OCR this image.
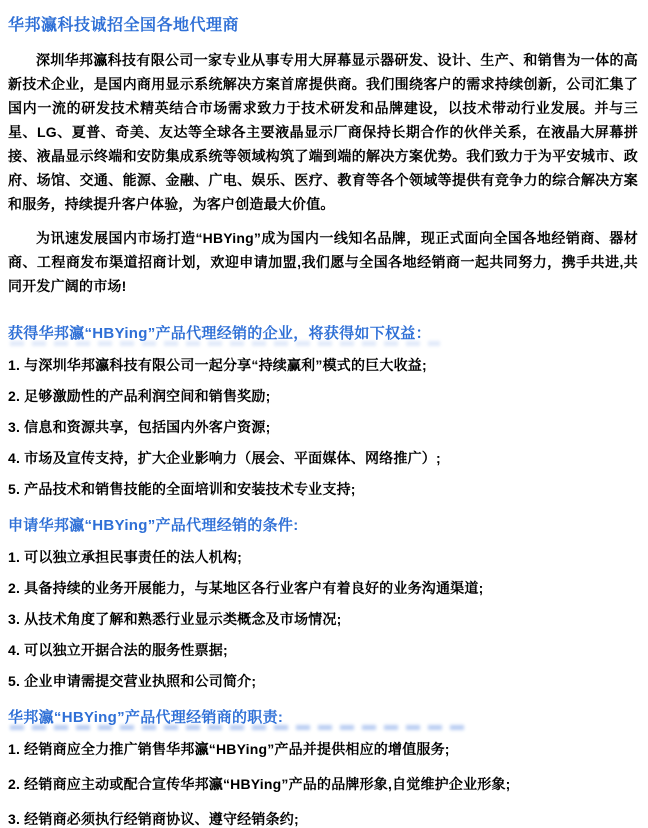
华邦瀛科技诚招全国各地代理商

深圳华邦瀛科技有限公司一家专业从事专用大屏幕显示器研发、设计、生产、和销售为一体的高新技术企业，是国内商用显示系统解决方案首席提供商。我们围绕客户的需求持续创新，公司汇集了国内一流的研发技术精英结合市场需求致力于技术研发和品牌建设，以技术带动行业发展。并与三星、LG、夏普、奇美、友达等全球各主要液晶显示厂商保持长期合作的伙伴关系，在液晶大屏幕拼接、液晶显示终端和安防集成系统等领域构筑了端到端的解决方案优势。我们致力于为平安城市、政府、场馆、交通、能源、金融、广电、娱乐、医疗、教育等各个领域等提供有竞争力的综合解决方案和服务，持续提升客户体验，为客户创造最大价值。

为讯速发展国内市场打造“HBYing”成为国内一线知名品牌，现正式面向全国各地经销商、器材商、工程商发布渠道招商计划，欢迎申请加盟,我们愿与全国各地经销商一起共同努力，携手共进,共同开发广阔的市场!

获得华邦瀛“HBYing”产品代理经销的企业，将获得如下权益：
1. 与深圳华邦瀛科技有限公司一起分享“持续赢利”模式的巨大收益;
2. 足够激励性的产品利润空间和销售奖励;
3. 信息和资源共享，包括国内外客户资源;
4. 市场及宣传支持，扩大企业影响力（展会、平面媒体、网络推广）;
5. 产品技术和销售技能的全面培训和安装技术专业支持;
申请华邦瀛“HBYing”产品代理经销的条件:
1. 可以独立承担民事责任的法人机构;
2. 具备持续的业务开展能力，与某地区各行业客户有着良好的业务沟通渠道;
3. 从技术角度了解和熟悉行业显示类概念及市场情况;
4. 可以独立开据合法的服务性票据;
5. 企业申请需提交营业执照和公司简介;
华邦瀛“HBYing”产品代理经销商的职责:
1. 经销商应全力推广销售华邦瀛“HBYing”产品并提供相应的增值服务;
2. 经销商应主动或配合宣传华邦瀛“HBYing”产品的品牌形象,自觉维护企业形象;
3. 经销商必须执行经销商协议、遵守经销条约;
